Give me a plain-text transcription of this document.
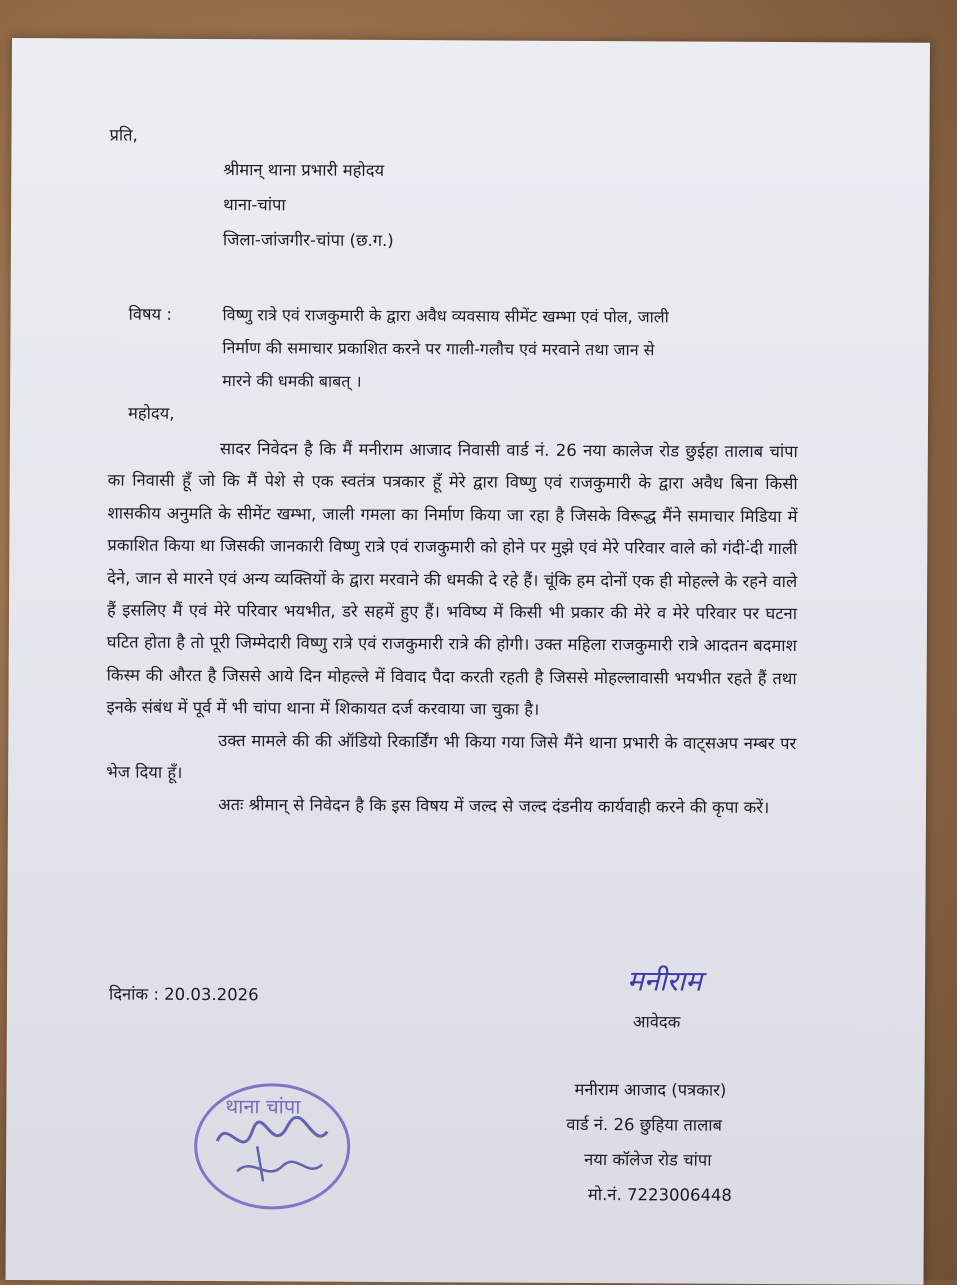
प्रति,
श्रीमान् थाना प्रभारी महोदय
थाना-चांपा
जिला-जांजगीर-चांपा (छ.ग.)
विषय :	विष्णु रात्रे एवं राजकुमारी के द्वारा अवैध व्यवसाय सीमेंट खम्भा एवं पोल, जाली
निर्माण की समाचार प्रकाशित करने पर गाली-गलौच एवं मरवाने तथा जान से
मारने की धमकी बाबत् ।
महोदय,

सादर निवेदन है कि मैं मनीराम आजाद निवासी वार्ड नं. 26 नया कालेज रोड छुईहा तालाब चांपा का निवासी हूँ जो कि मैं पेशे से एक स्वतंत्र पत्रकार हूँ मेरे द्वारा विष्णु एवं राजकुमारी के द्वारा अवैध बिना किसी शासकीय अनुमति के सीमेंट खम्भा, जाली गमला का निर्माण किया जा रहा है जिसके विरूद्ध मैंने समाचार मिडिया में प्रकाशित किया था जिसकी जानकारी विष्णु रात्रे एवं राजकुमारी को होने पर मुझे एवं मेरे परिवार वाले को गंदी-ंदी गाली देने, जान से मारने एवं अन्य व्यक्तियों के द्वारा मरवाने की धमकी दे रहे हैं। चूंकि हम दोनों एक ही मोहल्ले के रहने वाले हैं इसलिए मैं एवं मेरे परिवार भयभीत, डरे सहमें हुए हैं। भविष्य में किसी भी प्रकार की मेरे व मेरे परिवार पर घटना घटित होता है तो पूरी जिम्मेदारी विष्णु रात्रे एवं राजकुमारी रात्रे की होगी। उक्त महिला राजकुमारी रात्रे आदतन बदमाश किस्म की औरत है जिससे आये दिन मोहल्ले में विवाद पैदा करती रहती है जिससे मोहल्लावासी भयभीत रहते हैं तथा इनके संबंध में पूर्व में भी चांपा थाना में शिकायत दर्ज करवाया जा चुका है।

उक्त मामले की की ऑडियो रिकार्डिंग भी किया गया जिसे मैंने थाना प्रभारी के वाट्सअप नम्बर पर भेज दिया हूँ।

अतः श्रीमान् से निवेदन है कि इस विषय में जल्द से जल्द दंडनीय कार्यवाही करने की कृपा करें।

दिनांक : 20.03.2026	मनीराम
आवेदक
मनीराम आजाद (पत्रकार)
वार्ड नं. 26 छुहिया तालाब
नया कॉलेज रोड चांपा
मो.नं. 7223006448
थाना चांपा
